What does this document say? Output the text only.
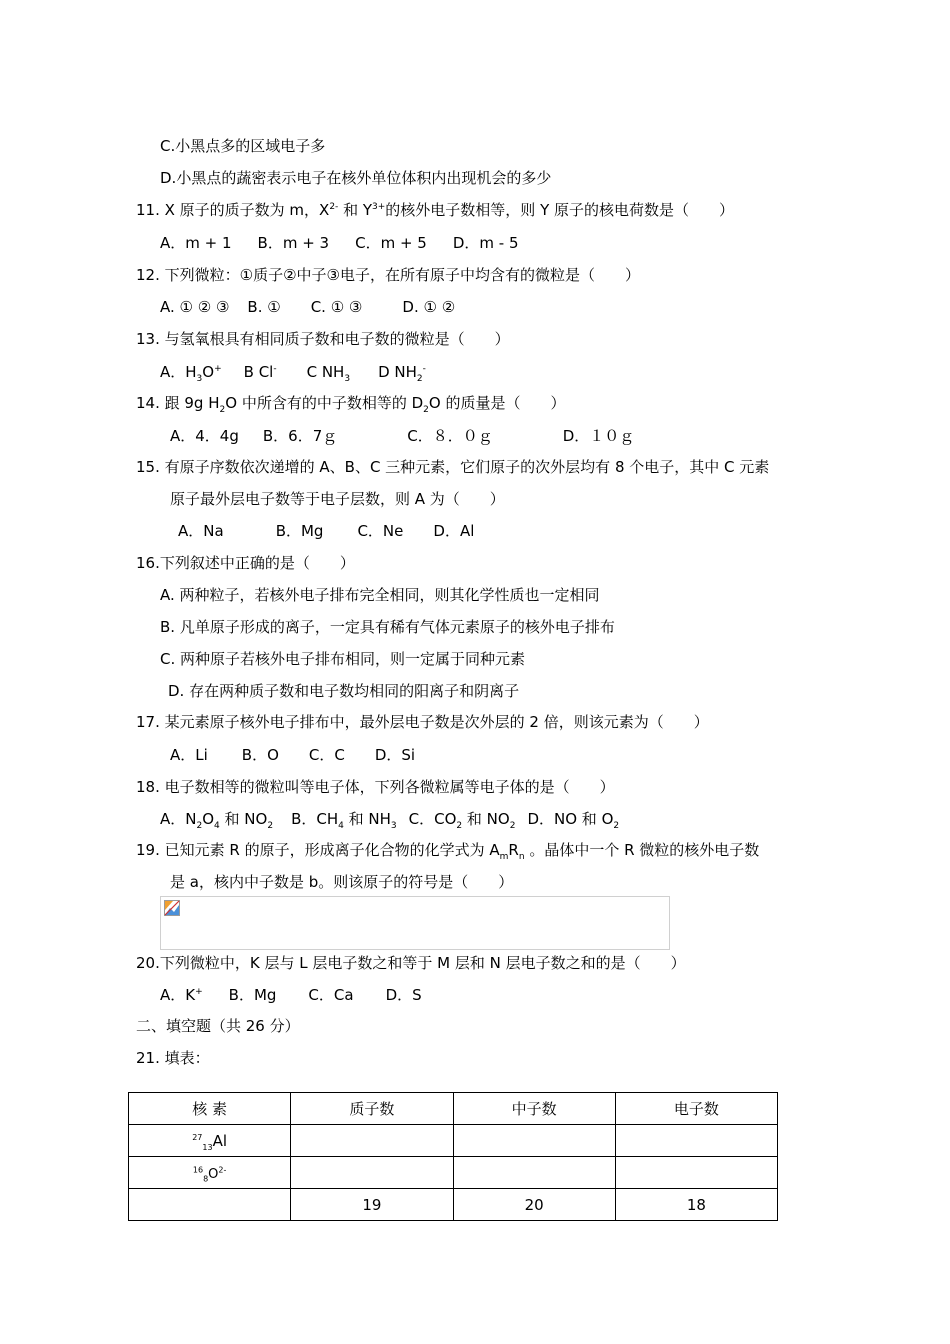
C.小黑点多的区域电子多
D.小黑点的蔬密表示电子在核外单位体积内出现机会的多少
11. X 原子的质子数为 m，$X^{2-}$ 和 $Y^{3+}$的核外电子数相等，则 Y 原子的核电荷数是（　　）
A．m + 1 B．m + 3 C．m + 5 D．m - 5
12. 下列微粒：①质子②中子③电子，在所有原子中均含有的微粒是（　　）
A. ① ② ③ B. ① C. ① ③	D. ① ②
13. 与氢氧根具有相同质子数和电子数的微粒是（　　）
A．$H_3O^+$ B Cl- C $NH_3$ D $NH_2^-$
14. 跟 9g $H_2O$ 中所含有的中子数相等的 $D_2O$ 的质量是（　　）
A．4．4g B．6．7ｇ	C．８．０ｇ	D．１０ｇ
15. 有原子序数依次递增的 A、B、C 三种元素，它们原子的次外层均有 8 个电子，其中 C 元素
原子最外层电子数等于电子层数，则 A 为（　　）
A．Na	B．Mg C．Ne D．Al
16.下列叙述中正确的是（　　）
A. 两种粒子，若核外电子排布完全相同，则其化学性质也一定相同
B. 凡单原子形成的离子，一定具有稀有气体元素原子的核外电子排布
C. 两种原子若核外电子排布相同，则一定属于同种元素
D. 存在两种质子数和电子数均相同的阳离子和阴离子
17. 某元素原子核外电子排布中，最外层电子数是次外层的 2 倍，则该元素为（　　）
A．Li B．O C．C D．Si
18. 电子数相等的微粒叫等电子体，下列各微粒属等电子体的是（　　）
A．$N_2O_4$ 和 $NO_2$ B．$CH_4$ 和 $NH_3$ C．$CO_2$ 和 $NO_2$ D．NO 和 $O_2$
19. 已知元素 R 的原子，形成离子化合物的化学式为 $A_mR_n$ 。晶体中一个 R 微粒的核外电子数
是 a，核内中子数是 b。则该原子的符号是（　　）
20.下列微粒中，K 层与 L 层电子数之和等于 M 层和 N 层电子数之和的是（　　）
A．K+ B．Mg C．Ca D．S
二、填空题（共 26 分）
21. 填表：
核 素	质子数	中子数	电子数
$^{27}_{13}$Al			
$^{16}_8O^{2-}$			
	19	20	18
